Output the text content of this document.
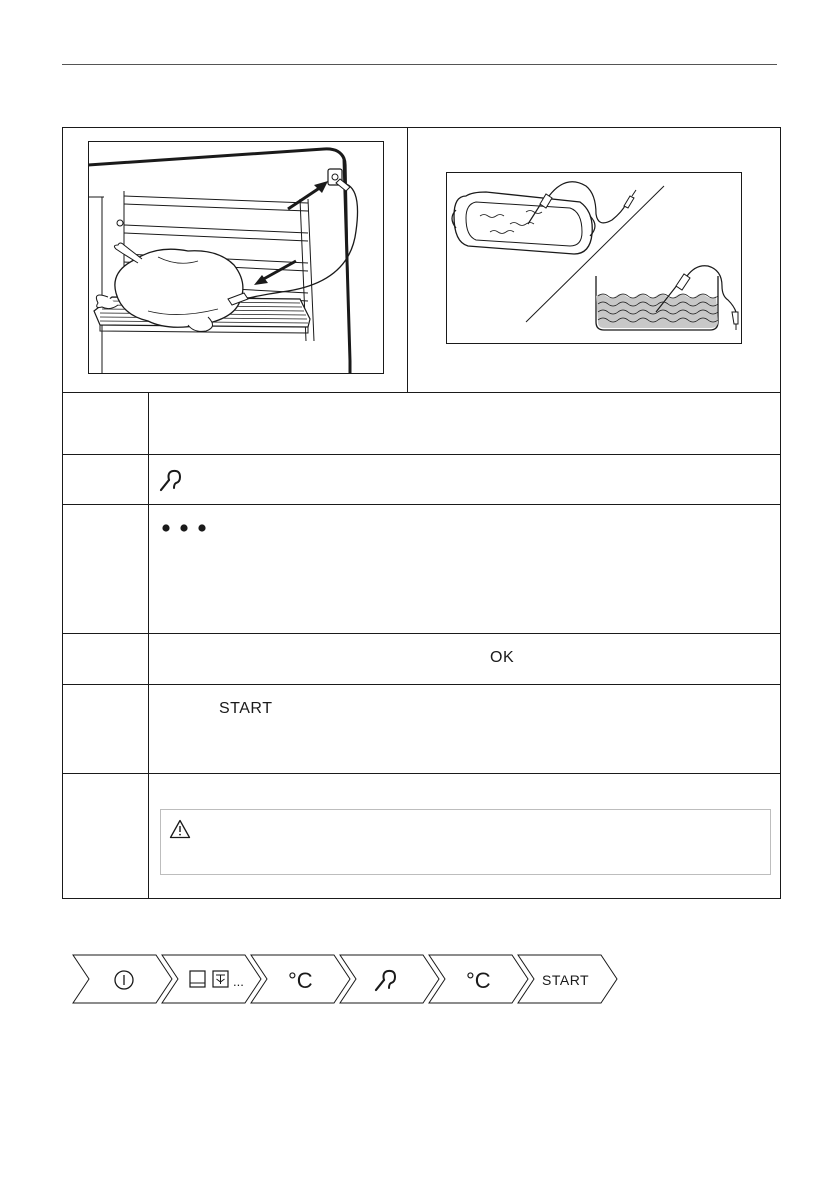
OK
START
... °C	°C	START
